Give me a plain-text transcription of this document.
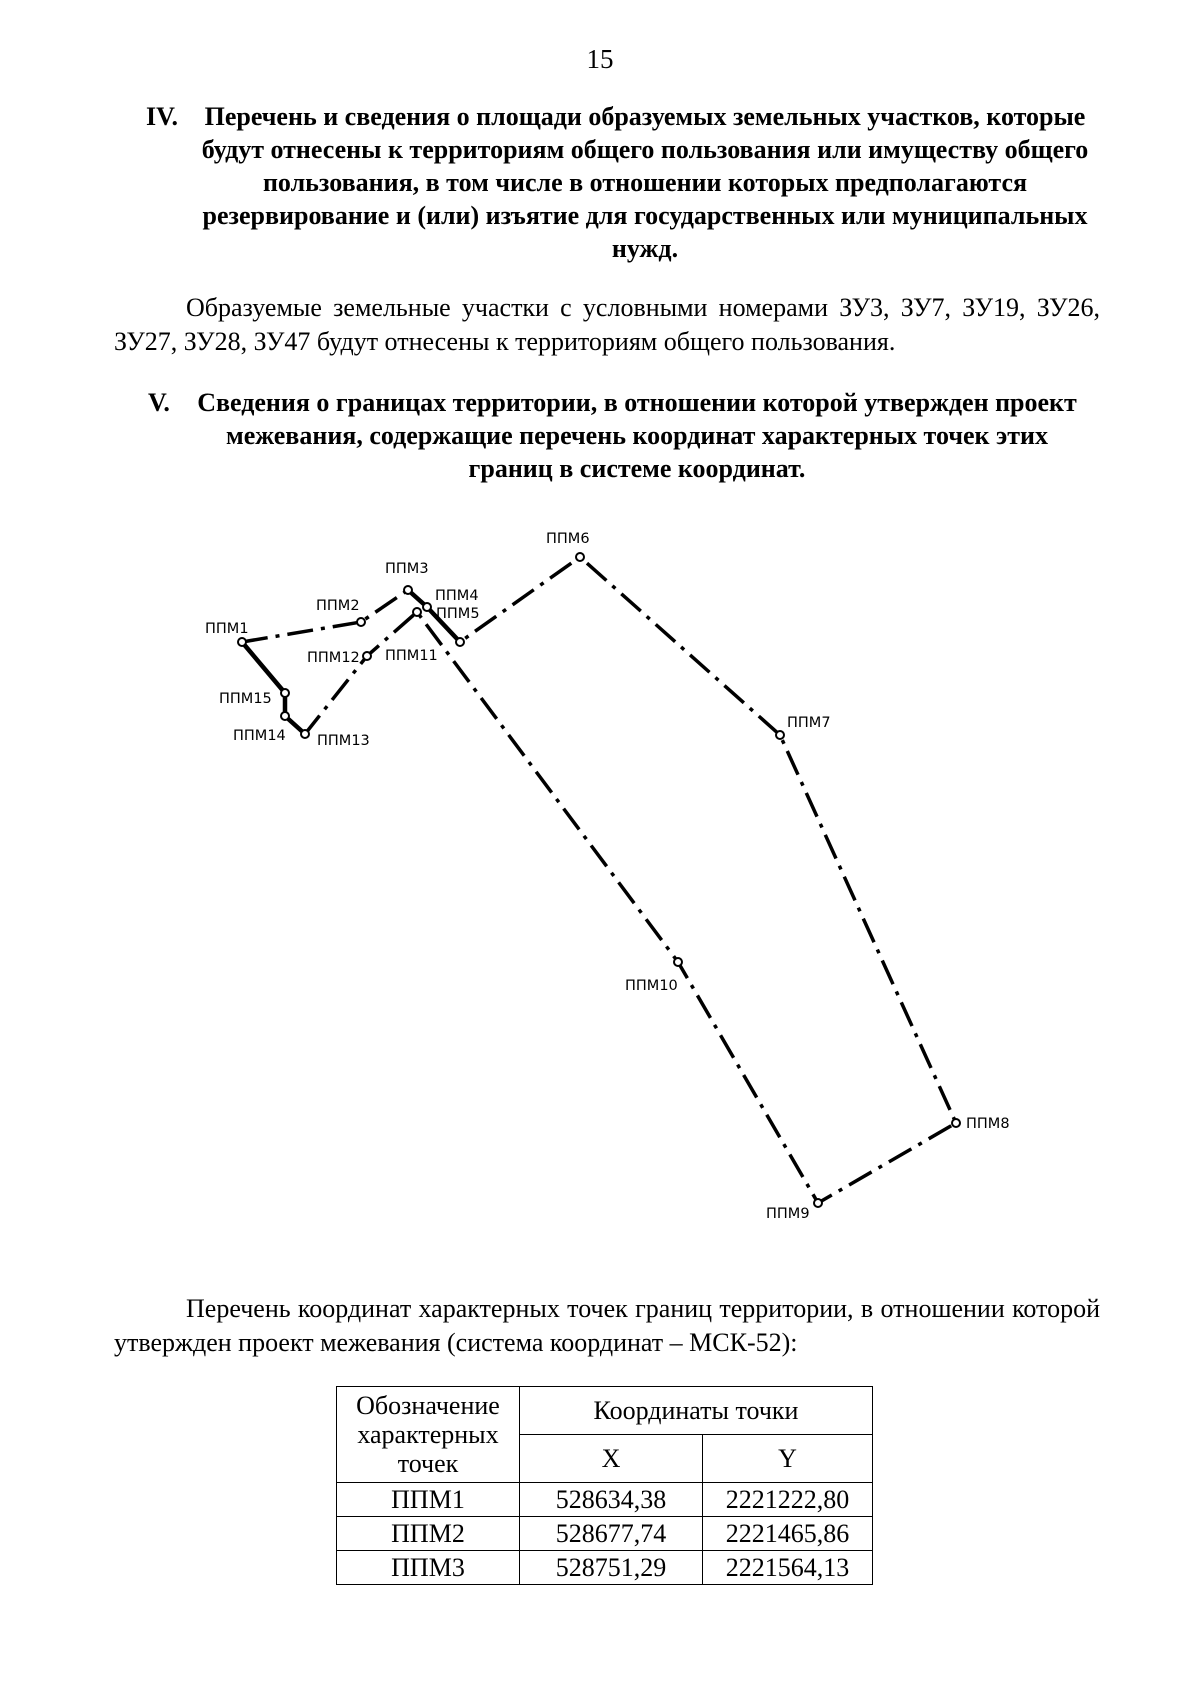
15
IV.	Перечень и сведения о площади образуемых земельных участков, которые будут отнесены к территориям общего пользования или имуществу общего пользования, в том числе в отношении которых предполагаются резервирование и (или) изъятие для государственных или муниципальных нужд.
Образуемые земельные участки с условными номерами ЗУ3, ЗУ7, ЗУ19, ЗУ26, ЗУ27, ЗУ28, ЗУ47 будут отнесены к территориям общего пользования.
V. Сведения о границах территории, в отношении которой утвержден проект межевания, содержащие перечень координат характерных точек этих границ в системе координат.
ППМ1
ППМ2
ППМ3
ППМ4
ППМ5
ППМ6
ППМ7
ППМ8
ППМ9
ППМ10
ППМ11
ППМ12
ППМ13
ППМ14
ППМ15
Перечень координат характерных точек границ территории, в отношении которой утвержден проект межевания (система координат – МСК-52):
Обозначение характерных точек	Координаты точки	
	X	Y
ППМ1	528634,38	2221222,80
ППМ2	528677,74	2221465,86
ППМ3	528751,29	2221564,13
